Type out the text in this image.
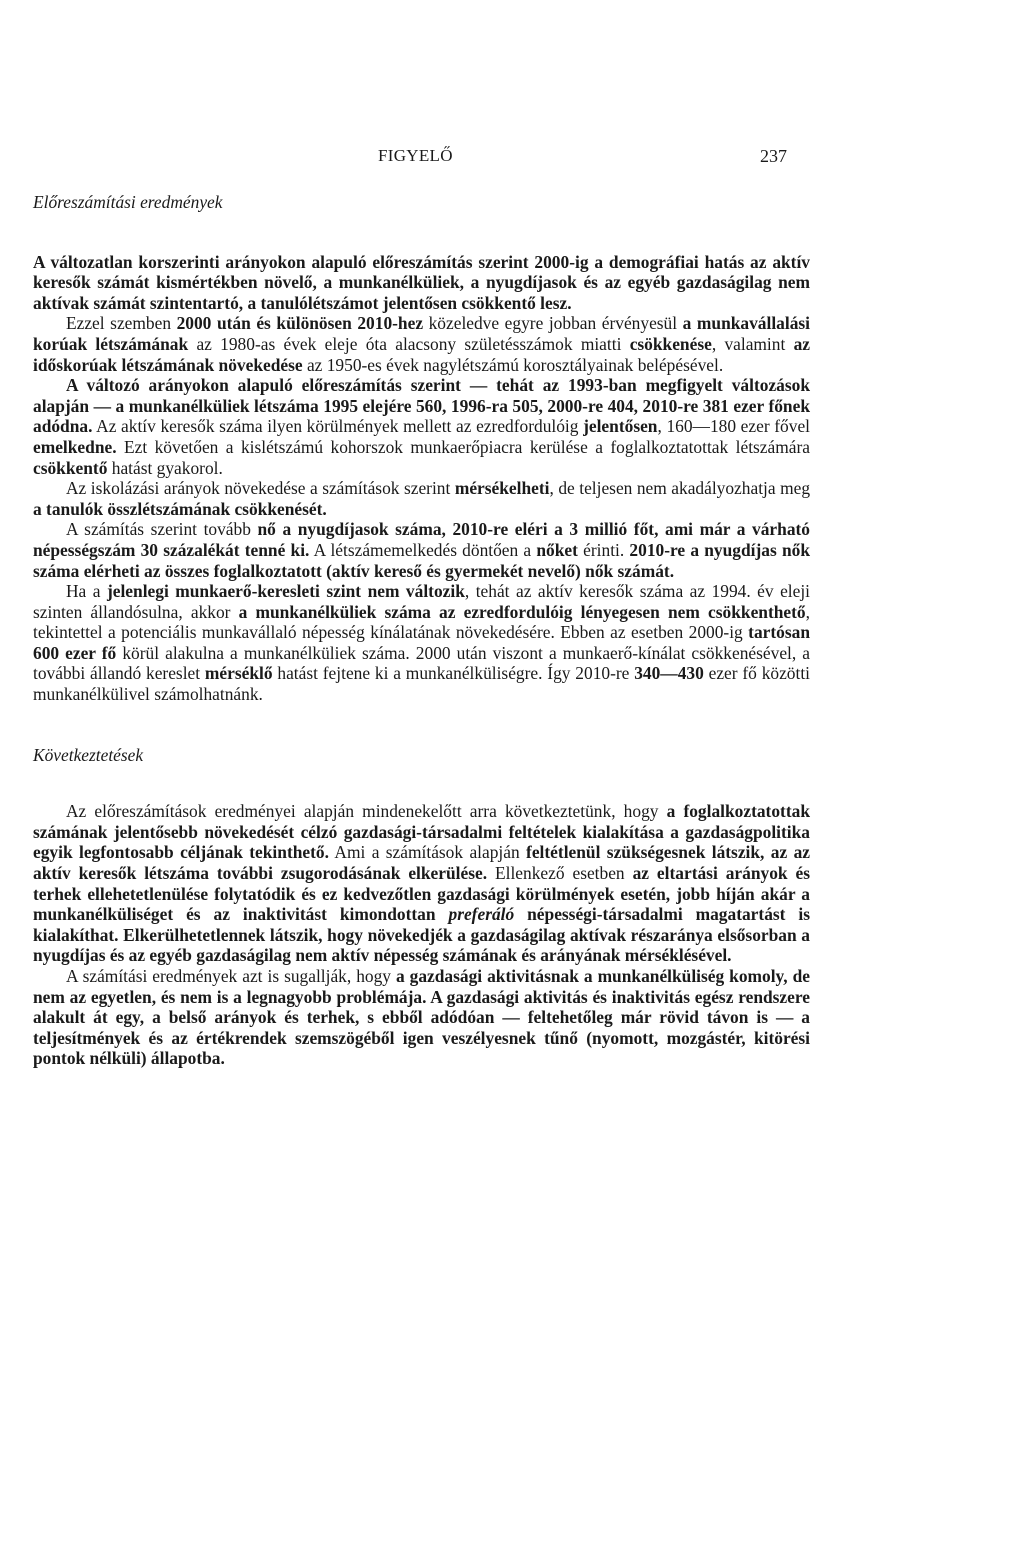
FIGYELŐ	237
Előreszámítási eredmények

A változatlan korszerinti arányokon alapuló előreszámítás szerint 2000-ig a demográfiai hatás az aktív keresők számát kismértékben növelő, a munkanélküliek, a nyugdíjasok és az egyéb gazdaságilag nem aktívak számát szintentartó, a tanulólétszámot jelentősen csökkentő lesz.

Ezzel szemben 2000 után és különösen 2010-hez közeledve egyre jobban érvényesül a munkavállalási korúak létszámának az 1980-as évek eleje óta alacsony születésszámok miatti csökkenése, valamint az időskorúak létszámának növekedése az 1950-es évek nagylétszámú korosztályainak belépésével.

A változó arányokon alapuló előreszámítás szerint — tehát az 1993-ban megfigyelt változások alapján — a munkanélküliek létszáma 1995 elejére 560, 1996-ra 505, 2000-re 404, 2010-re 381 ezer főnek adódna. Az aktív keresők száma ilyen körülmények mellett az ezredfordulóig jelentősen, 160—180 ezer fővel emelkedne. Ezt követően a kislétszámú kohorszok munkaerőpiacra kerülése a foglalkoztatottak létszámára csökkentő hatást gyakorol.

Az iskolázási arányok növekedése a számítások szerint mérsékelheti, de teljesen nem akadályozhatja meg a tanulók összlétszámának csökkenését.

A számítás szerint tovább nő a nyugdíjasok száma, 2010-re eléri a 3 millió főt, ami már a várható népességszám 30 százalékát tenné ki. A létszámemelkedés döntően a nőket érinti. 2010-re a nyugdíjas nők száma elérheti az összes foglalkoztatott (aktív kereső és gyermekét nevelő) nők számát.

Ha a jelenlegi munkaerő-keresleti szint nem változik, tehát az aktív keresők száma az 1994. év eleji szinten állandósulna, akkor a munkanélküliek száma az ezredfordulóig lényegesen nem csökkenthető, tekintettel a potenciális munkavállaló népesség kínálatának növekedésére. Ebben az esetben 2000-ig tartósan 600 ezer fő körül alakulna a munkanélküliek száma. 2000 után viszont a munkaerő-kínálat csökkenésével, a további állandó kereslet mérséklő hatást fejtene ki a munkanélküliségre. Így 2010-re 340—430 ezer fő közötti munkanélkülivel számolhatnánk.

Következtetések

Az előreszámítások eredményei alapján mindenekelőtt arra következtetünk, hogy a foglalkoztatottak számának jelentősebb növekedését célzó gazdasági-társadalmi feltételek kialakítása a gazdaságpolitika egyik legfontosabb céljának tekinthető. Ami a számítások alapján feltétlenül szükségesnek látszik, az az aktív keresők létszáma további zsugorodásának elkerülése. Ellenkező esetben az eltartási arányok és terhek ellehetetlenülése folytatódik és ez kedvezőtlen gazdasági körülmények esetén, jobb híján akár a munkanélküliséget és az inaktivitást kimondottan preferáló népességi-társadalmi magatartást is kialakíthat. Elkerülhetetlennek látszik, hogy növekedjék a gazdaságilag aktívak részaránya elsősorban a nyugdíjas és az egyéb gazdaságilag nem aktív népesség számának és arányának mérséklésével.

A számítási eredmények azt is sugallják, hogy a gazdasági aktivitásnak a munkanélküliség komoly, de nem az egyetlen, és nem is a legnagyobb problémája. A gazdasági aktivitás és inaktivitás egész rendszere alakult át egy, a belső arányok és terhek, s ebből adódóan — feltehetőleg már rövid távon is — a teljesítmények és az értékrendek szemszögéből igen veszélyesnek tűnő (nyomott, mozgástér, kitörési pontok nélküli) állapotba.
